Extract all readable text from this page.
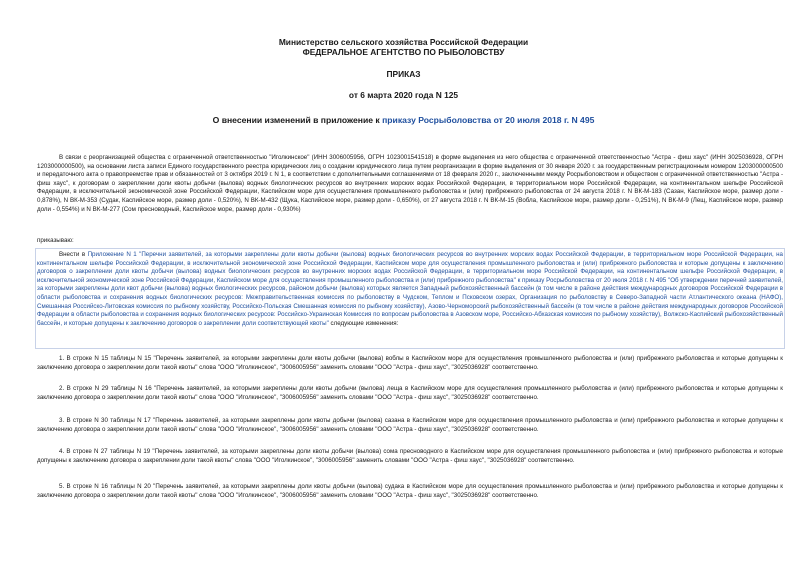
Министерство сельского хозяйства Российской Федерации
ФЕДЕРАЛЬНОЕ АГЕНТСТВО ПО РЫБОЛОВСТВУ
ПРИКАЗ
от 6 марта 2020 года N 125
О внесении изменений в приложение к приказу Росрыболовства от 20 июля 2018 г. N 495

В связи с реорганизацией общества с ограниченной ответственностью "Иголкинское" (ИНН 3006005956, ОГРН 1023001541518) в форме выделения из него общества с ограниченной ответственностью "Астра - фиш хаус" (ИНН 3025036928, ОГРН 1203000000500), на основании листа записи Единого государственного реестра юридических лиц о создании юридического лица путем реорганизации в форме выделения от 30 января 2020 г. за государственным регистрационным номером 1203000000500 и передаточного акта о правопреемстве прав и обязанностей от 3 октября 2019 г. N 1, в соответствии с дополнительными соглашениями от 18 февраля 2020 г., заключенными между Росрыболовством и обществом с ограниченной ответственностью "Астра - фиш хаус", к договорам о закреплении доли квоты добычи (вылова) водных биологических ресурсов во внутренних морских водах Российской Федерации, в территориальном море Российской Федерации, на континентальном шельфе Российской Федерации, в исключительной экономической зоне Российской Федерации, Каспийском море для осуществления промышленного рыболовства и (или) прибрежного рыболовства от 24 августа 2018 г. N ВК-М-183 (Сазан, Каспийское море, размер доли - 0,878%), N ВК-М-353 (Судак, Каспийское море, размер доли - 0,520%), N ВК-М-432 (Щука, Каспийское море, размер доли - 0,650%), от 27 августа 2018 г. N ВК-М-15 (Вобла, Каспийское море, размер доли - 0,251%), N ВК-М-9 (Лещ, Каспийское море, размер доли - 0,554%) и N ВК-М-277 (Сом пресноводный, Каспийское море, размер доли - 0,930%)

приказываю:

Внести в Приложение N 1 "Перечни заявителей, за которыми закреплены доли квоты добычи (вылова) водных биологических ресурсов во внутренних морских водах Российской Федерации, в территориальном море Российской Федерации, на континентальном шельфе Российской Федерации, в исключительной экономической зоне Российской Федерации, Каспийском море для осуществления промышленного рыболовства и (или) прибрежного рыболовства и которые допущены к заключению договоров о закреплении доли квоты добычи (вылова) водных биологических ресурсов во внутренних морских водах Российской Федерации, в территориальном море Российской Федерации, на континентальном шельфе Российской Федерации, в исключительной экономической зоне Российской Федерации, Каспийском море для осуществления промышленного рыболовства и (или) прибрежного рыболовства" к приказу Росрыболовства от 20 июля 2018 г. N 495 "Об утверждении перечней заявителей, за которыми закреплены доли квот добычи (вылова) водных биологических ресурсов, районом добычи (вылова) которых является Западный рыбохозяйственный бассейн (в том числе в районе действия международных договоров Российской Федерации в области рыболовства и сохранения водных биологических ресурсов: Межправительственная комиссия по рыболовству в Чудском, Теплом и Псковском озерах, Организация по рыболовству в Северо-Западной части Атлантического океана (НАФО), Смешанная Российско-Литовская комиссия по рыбному хозяйству, Российско-Польская Смешанная комиссия по рыбному хозяйству), Азово-Черноморский рыбохозяйственный бассейн (в том числе в районе действия международных договоров Российской Федерации в области рыболовства и сохранения водных биологических ресурсов: Российско-Украинская Комиссия по вопросам рыболовства в Азовском море, Российско-Абхазская комиссия по рыбному хозяйству), Волжско-Каспийский рыбохозяйственный бассейн, и которые допущены к заключению договоров о закреплении доли соответствующей квоты" следующие изменения:

1. В строке N 15 таблицы N 15 "Перечень заявителей, за которыми закреплены доли квоты добычи (вылова) воблы в Каспийском море для осуществления промышленного рыболовства и (или) прибрежного рыболовства и которые допущены к заключению договора о закреплении доли такой квоты" слова "ООО "Иголкинское", "3006005956" заменить словами "ООО "Астра - фиш хаус", "3025036928" соответственно.

2. В строке N 29 таблицы N 16 "Перечень заявителей, за которыми закреплены доли квоты добычи (вылова) леща в Каспийском море для осуществления промышленного рыболовства и (или) прибрежного рыболовства и которые допущены к заключению договора о закреплении доли такой квоты" слова "ООО "Иголкинское", "3006005956" заменить словами "ООО "Астра - фиш хаус", "3025036928" соответственно.

3. В строке N 30 таблицы N 17 "Перечень заявителей, за которыми закреплены доли квоты добычи (вылова) сазана в Каспийском море для осуществления промышленного рыболовства и (или) прибрежного рыболовства и которые допущены к заключению договора о закреплении доли такой квоты" слова "ООО "Иголкинское", "3006005956" заменить словами "ООО "Астра - фиш хаус", "3025036928" соответственно.

4. В строке N 27 таблицы N 19 "Перечень заявителей, за которыми закреплены доли квоты добычи (вылова) сома пресноводного в Каспийском море для осуществления промышленного рыболовства и (или) прибрежного рыболовства и которые допущены к заключению договора о закреплении доли такой квоты" слова "ООО "Иголкинское", "3006005956" заменить словами "ООО "Астра - фиш хаус", "3025036928" соответственно.

5. В строке N 16 таблицы N 20 "Перечень заявителей, за которыми закреплены доли квоты добычи (вылова) судака в Каспийском море для осуществления промышленного рыболовства и (или) прибрежного рыболовства и которые допущены к заключению договора о закреплении доли такой квоты" слова "ООО "Иголкинское", "3006005956" заменить словами "ООО "Астра - фиш хаус", "3025036928" соответственно.
